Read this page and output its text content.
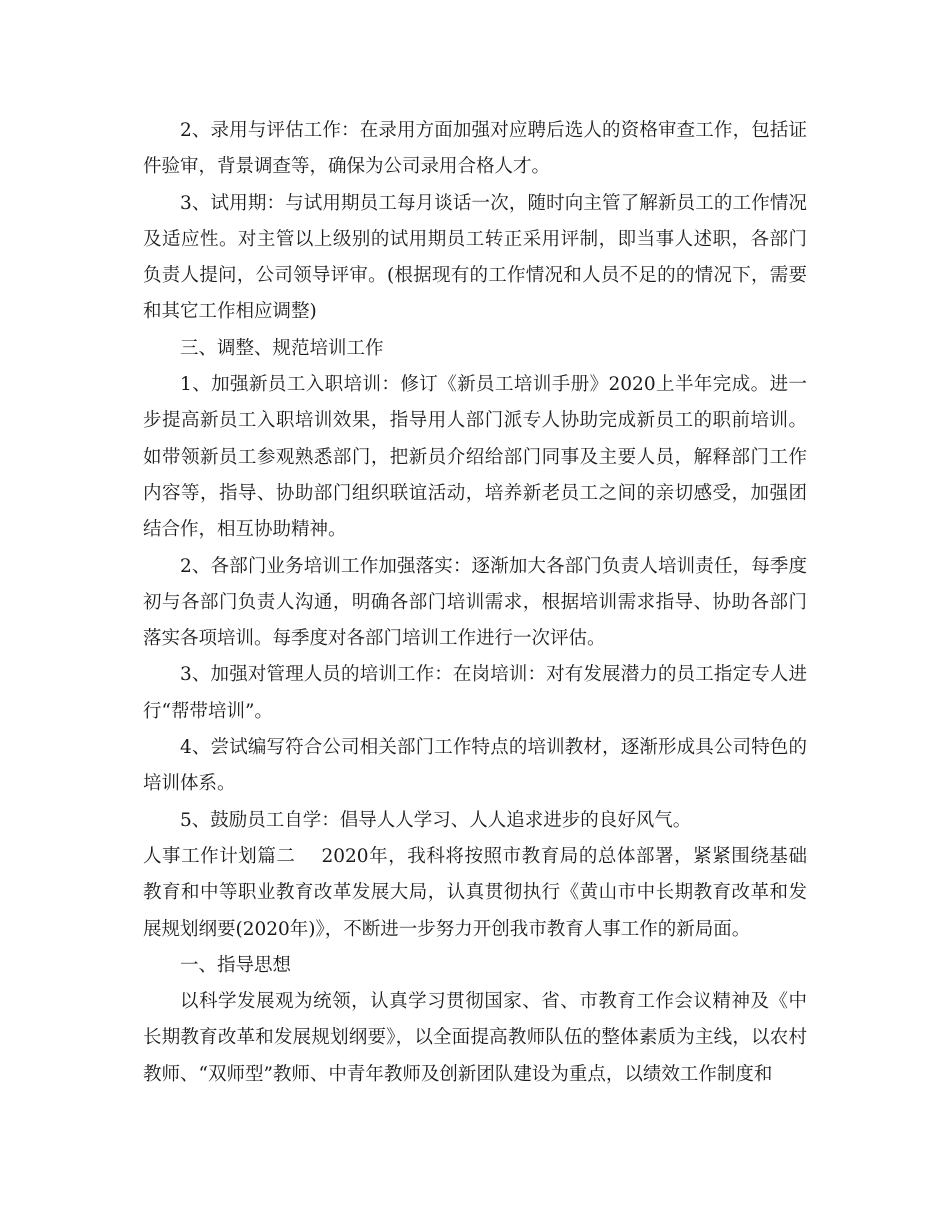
2、录用与评估工作：在录用方面加强对应聘后选人的资格审查工作，包括证件验审，背景调查等，确保为公司录用合格人才。

3、试用期：与试用期员工每月谈话一次，随时向主管了解新员工的工作情况及适应性。对主管以上级别的试用期员工转正采用评制，即当事人述职，各部门负责人提问，公司领导评审。(根据现有的工作情况和人员不足的的情况下，需要和其它工作相应调整)

三、调整、规范培训工作

1、加强新员工入职培训：修订《新员工培训手册》2020上半年完成。进一步提高新员工入职培训效果，指导用人部门派专人协助完成新员工的职前培训。如带领新员工参观熟悉部门，把新员介绍给部门同事及主要人员，解释部门工作内容等，指导、协助部门组织联谊活动，培养新老员工之间的亲切感受，加强团结合作，相互协助精神。

2、各部门业务培训工作加强落实：逐渐加大各部门负责人培训责任，每季度初与各部门负责人沟通，明确各部门培训需求，根据培训需求指导、协助各部门落实各项培训。每季度对各部门培训工作进行一次评估。

3、加强对管理人员的培训工作：在岗培训：对有发展潜力的员工指定专人进行“帮带培训”。

4、尝试编写符合公司相关部门工作特点的培训教材，逐渐形成具公司特色的培训体系。

5、鼓励员工自学：倡导人人学习、人人追求进步的良好风气。

人事工作计划篇二 2020年，我科将按照市教育局的总体部署，紧紧围绕基础教育和中等职业教育改革发展大局，认真贯彻执行《黄山市中长期教育改革和发展规划纲要(2020年)》，不断进一步努力开创我市教育人事工作的新局面。

一、指导思想

以科学发展观为统领，认真学习贯彻国家、省、市教育工作会议精神及《中长期教育改革和发展规划纲要》，以全面提高教师队伍的整体素质为主线，以农村教师、“双师型”教师、中青年教师及创新团队建设为重点，以绩效工作制度和
